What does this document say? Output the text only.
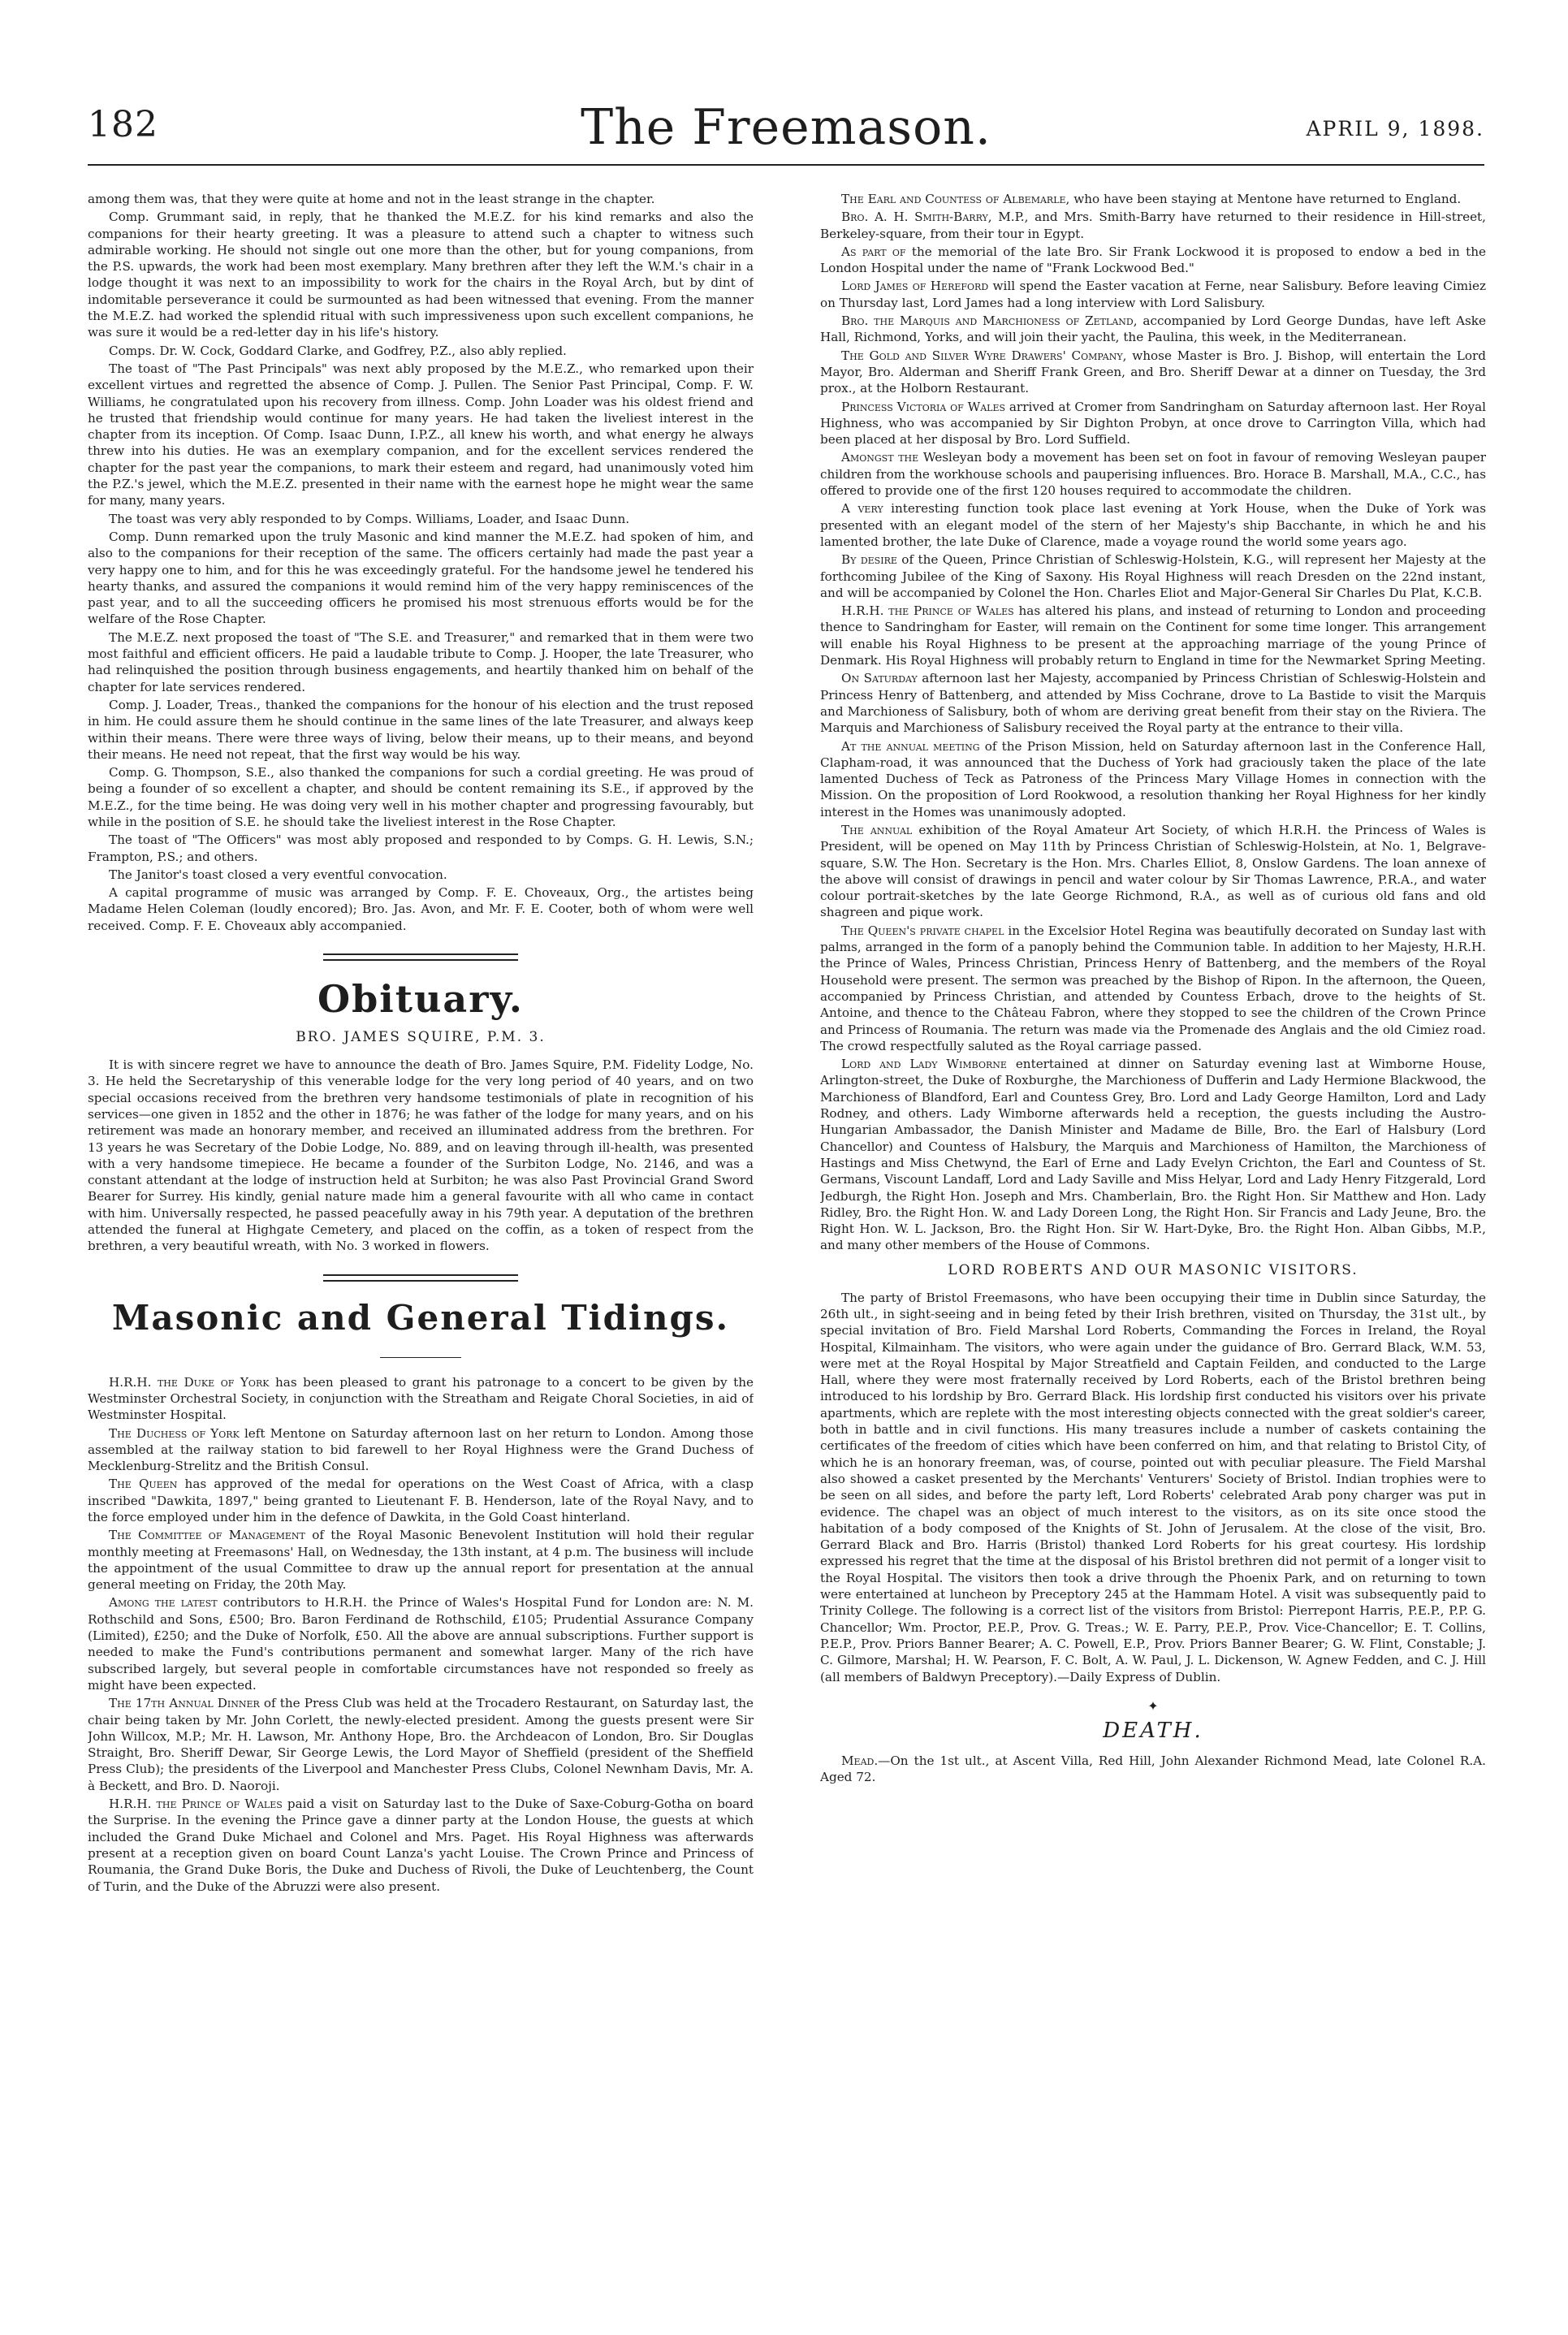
182	The Freemason.	APRIL 9, 1898.

among them was, that they were quite at home and not in the least strange in the chapter.

Comp. Grummant said, in reply, that he thanked the M.E.Z. for his kind remarks and also the companions for their hearty greeting. It was a pleasure to attend such a chapter to witness such admirable working. He should not single out one more than the other, but for young companions, from the P.S. upwards, the work had been most exemplary. Many brethren after they left the W.M.'s chair in a lodge thought it was next to an impossibility to work for the chairs in the Royal Arch, but by dint of indomitable perseverance it could be surmounted as had been witnessed that evening. From the manner the M.E.Z. had worked the splendid ritual with such impressiveness upon such excellent companions, he was sure it would be a red-letter day in his life's history.

Comps. Dr. W. Cock, Goddard Clarke, and Godfrey, P.Z., also ably replied.

The toast of "The Past Principals" was next ably proposed by the M.E.Z., who remarked upon their excellent virtues and regretted the absence of Comp. J. Pullen. The Senior Past Principal, Comp. F. W. Williams, he congratulated upon his recovery from illness. Comp. John Loader was his oldest friend and he trusted that friendship would continue for many years. He had taken the liveliest interest in the chapter from its inception. Of Comp. Isaac Dunn, I.P.Z., all knew his worth, and what energy he always threw into his duties. He was an exemplary companion, and for the excellent services rendered the chapter for the past year the companions, to mark their esteem and regard, had unanimously voted him the P.Z.'s jewel, which the M.E.Z. presented in their name with the earnest hope he might wear the same for many, many years.

The toast was very ably responded to by Comps. Williams, Loader, and Isaac Dunn.

Comp. Dunn remarked upon the truly Masonic and kind manner the M.E.Z. had spoken of him, and also to the companions for their reception of the same. The officers certainly had made the past year a very happy one to him, and for this he was exceedingly grateful. For the handsome jewel he tendered his hearty thanks, and assured the companions it would remind him of the very happy reminiscences of the past year, and to all the succeeding officers he promised his most strenuous efforts would be for the welfare of the Rose Chapter.

The M.E.Z. next proposed the toast of "The S.E. and Treasurer," and remarked that in them were two most faithful and efficient officers. He paid a laudable tribute to Comp. J. Hooper, the late Treasurer, who had relinquished the position through business engagements, and heartily thanked him on behalf of the chapter for late services rendered.

Comp. J. Loader, Treas., thanked the companions for the honour of his election and the trust reposed in him. He could assure them he should continue in the same lines of the late Treasurer, and always keep within their means. There were three ways of living, below their means, up to their means, and beyond their means. He need not repeat, that the first way would be his way.

Comp. G. Thompson, S.E., also thanked the companions for such a cordial greeting. He was proud of being a founder of so excellent a chapter, and should be content remaining its S.E., if approved by the M.E.Z., for the time being. He was doing very well in his mother chapter and progressing favourably, but while in the position of S.E. he should take the liveliest interest in the Rose Chapter.

The toast of "The Officers" was most ably proposed and responded to by Comps. G. H. Lewis, S.N.; Frampton, P.S.; and others.

The Janitor's toast closed a very eventful convocation.

A capital programme of music was arranged by Comp. F. E. Choveaux, Org., the artistes being Madame Helen Coleman (loudly encored); Bro. Jas. Avon, and Mr. F. E. Cooter, both of whom were well received. Comp. F. E. Choveaux ably accompanied.

Obituary.
BRO. JAMES SQUIRE, P.M. 3.

It is with sincere regret we have to announce the death of Bro. James Squire, P.M. Fidelity Lodge, No. 3. He held the Secretaryship of this venerable lodge for the very long period of 40 years, and on two special occasions received from the brethren very handsome testimonials of plate in recognition of his services—one given in 1852 and the other in 1876; he was father of the lodge for many years, and on his retirement was made an honorary member, and received an illuminated address from the brethren. For 13 years he was Secretary of the Dobie Lodge, No. 889, and on leaving through ill-health, was presented with a very handsome timepiece. He became a founder of the Surbiton Lodge, No. 2146, and was a constant attendant at the lodge of instruction held at Surbiton; he was also Past Provincial Grand Sword Bearer for Surrey. His kindly, genial nature made him a general favourite with all who came in contact with him. Universally respected, he passed peacefully away in his 79th year. A deputation of the brethren attended the funeral at Highgate Cemetery, and placed on the coffin, as a token of respect from the brethren, a very beautiful wreath, with No. 3 worked in flowers.

Masonic and General Tidings.

H.R.H. the Duke of York has been pleased to grant his patronage to a concert to be given by the Westminster Orchestral Society, in conjunction with the Streatham and Reigate Choral Societies, in aid of Westminster Hospital.

The Duchess of York left Mentone on Saturday afternoon last on her return to London. Among those assembled at the railway station to bid farewell to her Royal Highness were the Grand Duchess of Mecklenburg-Strelitz and the British Consul.

The Queen has approved of the medal for operations on the West Coast of Africa, with a clasp inscribed "Dawkita, 1897," being granted to Lieutenant F. B. Henderson, late of the Royal Navy, and to the force employed under him in the defence of Dawkita, in the Gold Coast hinterland.

The Committee of Management of the Royal Masonic Benevolent Institution will hold their regular monthly meeting at Freemasons' Hall, on Wednesday, the 13th instant, at 4 p.m. The business will include the appointment of the usual Committee to draw up the annual report for presentation at the annual general meeting on Friday, the 20th May.

Among the latest contributors to H.R.H. the Prince of Wales's Hospital Fund for London are: N. M. Rothschild and Sons, £500; Bro. Baron Ferdinand de Rothschild, £105; Prudential Assurance Company (Limited), £250; and the Duke of Norfolk, £50. All the above are annual subscriptions. Further support is needed to make the Fund's contributions permanent and somewhat larger. Many of the rich have subscribed largely, but several people in comfortable circumstances have not responded so freely as might have been expected.

The 17th Annual Dinner of the Press Club was held at the Trocadero Restaurant, on Saturday last, the chair being taken by Mr. John Corlett, the newly-elected president. Among the guests present were Sir John Willcox, M.P.; Mr. H. Lawson, Mr. Anthony Hope, Bro. the Archdeacon of London, Bro. Sir Douglas Straight, Bro. Sheriff Dewar, Sir George Lewis, the Lord Mayor of Sheffield (president of the Sheffield Press Club); the presidents of the Liverpool and Manchester Press Clubs, Colonel Newnham Davis, Mr. A. à Beckett, and Bro. D. Naoroji.

H.R.H. the Prince of Wales paid a visit on Saturday last to the Duke of Saxe-Coburg-Gotha on board the Surprise. In the evening the Prince gave a dinner party at the London House, the guests at which included the Grand Duke Michael and Colonel and Mrs. Paget. His Royal Highness was afterwards present at a reception given on board Count Lanza's yacht Louise. The Crown Prince and Princess of Roumania, the Grand Duke Boris, the Duke and Duchess of Rivoli, the Duke of Leuchtenberg, the Count of Turin, and the Duke of the Abruzzi were also present.

The Earl and Countess of Albemarle, who have been staying at Mentone have returned to England.

Bro. A. H. Smith-Barry, M.P., and Mrs. Smith-Barry have returned to their residence in Hill-street, Berkeley-square, from their tour in Egypt.

As part of the memorial of the late Bro. Sir Frank Lockwood it is proposed to endow a bed in the London Hospital under the name of "Frank Lockwood Bed."

Lord James of Hereford will spend the Easter vacation at Ferne, near Salisbury. Before leaving Cimiez on Thursday last, Lord James had a long interview with Lord Salisbury.

Bro. the Marquis and Marchioness of Zetland, accompanied by Lord George Dundas, have left Aske Hall, Richmond, Yorks, and will join their yacht, the Paulina, this week, in the Mediterranean.

The Gold and Silver Wyre Drawers' Company, whose Master is Bro. J. Bishop, will entertain the Lord Mayor, Bro. Alderman and Sheriff Frank Green, and Bro. Sheriff Dewar at a dinner on Tuesday, the 3rd prox., at the Holborn Restaurant.

Princess Victoria of Wales arrived at Cromer from Sandringham on Saturday afternoon last. Her Royal Highness, who was accompanied by Sir Dighton Probyn, at once drove to Carrington Villa, which had been placed at her disposal by Bro. Lord Suffield.

Amongst the Wesleyan body a movement has been set on foot in favour of removing Wesleyan pauper children from the workhouse schools and pauperising influences. Bro. Horace B. Marshall, M.A., C.C., has offered to provide one of the first 120 houses required to accommodate the children.

A very interesting function took place last evening at York House, when the Duke of York was presented with an elegant model of the stern of her Majesty's ship Bacchante, in which he and his lamented brother, the late Duke of Clarence, made a voyage round the world some years ago.

By desire of the Queen, Prince Christian of Schleswig-Holstein, K.G., will represent her Majesty at the forthcoming Jubilee of the King of Saxony. His Royal Highness will reach Dresden on the 22nd instant, and will be accompanied by Colonel the Hon. Charles Eliot and Major-General Sir Charles Du Plat, K.C.B.

H.R.H. the Prince of Wales has altered his plans, and instead of returning to London and proceeding thence to Sandringham for Easter, will remain on the Continent for some time longer. This arrangement will enable his Royal Highness to be present at the approaching marriage of the young Prince of Denmark. His Royal Highness will probably return to England in time for the Newmarket Spring Meeting.

On Saturday afternoon last her Majesty, accompanied by Princess Christian of Schleswig-Holstein and Princess Henry of Battenberg, and attended by Miss Cochrane, drove to La Bastide to visit the Marquis and Marchioness of Salisbury, both of whom are deriving great benefit from their stay on the Riviera. The Marquis and Marchioness of Salisbury received the Royal party at the entrance to their villa.

At the annual meeting of the Prison Mission, held on Saturday afternoon last in the Conference Hall, Clapham-road, it was announced that the Duchess of York had graciously taken the place of the late lamented Duchess of Teck as Patroness of the Princess Mary Village Homes in connection with the Mission. On the proposition of Lord Rookwood, a resolution thanking her Royal Highness for her kindly interest in the Homes was unanimously adopted.

The annual exhibition of the Royal Amateur Art Society, of which H.R.H. the Princess of Wales is President, will be opened on May 11th by Princess Christian of Schleswig-Holstein, at No. 1, Belgrave-square, S.W. The Hon. Secretary is the Hon. Mrs. Charles Elliot, 8, Onslow Gardens. The loan annexe of the above will consist of drawings in pencil and water colour by Sir Thomas Lawrence, P.R.A., and water colour portrait-sketches by the late George Richmond, R.A., as well as of curious old fans and old shagreen and pique work.

The Queen's private chapel in the Excelsior Hotel Regina was beautifully decorated on Sunday last with palms, arranged in the form of a panoply behind the Communion table. In addition to her Majesty, H.R.H. the Prince of Wales, Princess Christian, Princess Henry of Battenberg, and the members of the Royal Household were present. The sermon was preached by the Bishop of Ripon. In the afternoon, the Queen, accompanied by Princess Christian, and attended by Countess Erbach, drove to the heights of St. Antoine, and thence to the Château Fabron, where they stopped to see the children of the Crown Prince and Princess of Roumania. The return was made via the Promenade des Anglais and the old Cimiez road. The crowd respectfully saluted as the Royal carriage passed.

Lord and Lady Wimborne entertained at dinner on Saturday evening last at Wimborne House, Arlington-street, the Duke of Roxburghe, the Marchioness of Dufferin and Lady Hermione Blackwood, the Marchioness of Blandford, Earl and Countess Grey, Bro. Lord and Lady George Hamilton, Lord and Lady Rodney, and others. Lady Wimborne afterwards held a reception, the guests including the Austro-Hungarian Ambassador, the Danish Minister and Madame de Bille, Bro. the Earl of Halsbury (Lord Chancellor) and Countess of Halsbury, the Marquis and Marchioness of Hamilton, the Marchioness of Hastings and Miss Chetwynd, the Earl of Erne and Lady Evelyn Crichton, the Earl and Countess of St. Germans, Viscount Landaff, Lord and Lady Saville and Miss Helyar, Lord and Lady Henry Fitzgerald, Lord Jedburgh, the Right Hon. Joseph and Mrs. Chamberlain, Bro. the Right Hon. Sir Matthew and Hon. Lady Ridley, Bro. the Right Hon. W. and Lady Doreen Long, the Right Hon. Sir Francis and Lady Jeune, Bro. the Right Hon. W. L. Jackson, Bro. the Right Hon. Sir W. Hart-Dyke, Bro. the Right Hon. Alban Gibbs, M.P., and many other members of the House of Commons.

LORD ROBERTS AND OUR MASONIC VISITORS.

The party of Bristol Freemasons, who have been occupying their time in Dublin since Saturday, the 26th ult., in sight-seeing and in being feted by their Irish brethren, visited on Thursday, the 31st ult., by special invitation of Bro. Field Marshal Lord Roberts, Commanding the Forces in Ireland, the Royal Hospital, Kilmainham. The visitors, who were again under the guidance of Bro. Gerrard Black, W.M. 53, were met at the Royal Hospital by Major Streatfield and Captain Feilden, and conducted to the Large Hall, where they were most fraternally received by Lord Roberts, each of the Bristol brethren being introduced to his lordship by Bro. Gerrard Black. His lordship first conducted his visitors over his private apartments, which are replete with the most interesting objects connected with the great soldier's career, both in battle and in civil functions. His many treasures include a number of caskets containing the certificates of the freedom of cities which have been conferred on him, and that relating to Bristol City, of which he is an honorary freeman, was, of course, pointed out with peculiar pleasure. The Field Marshal also showed a casket presented by the Merchants' Venturers' Society of Bristol. Indian trophies were to be seen on all sides, and before the party left, Lord Roberts' celebrated Arab pony charger was put in evidence. The chapel was an object of much interest to the visitors, as on its site once stood the habitation of a body composed of the Knights of St. John of Jerusalem. At the close of the visit, Bro. Gerrard Black and Bro. Harris (Bristol) thanked Lord Roberts for his great courtesy. His lordship expressed his regret that the time at the disposal of his Bristol brethren did not permit of a longer visit to the Royal Hospital. The visitors then took a drive through the Phoenix Park, and on returning to town were entertained at luncheon by Preceptory 245 at the Hammam Hotel. A visit was subsequently paid to Trinity College. The following is a correct list of the visitors from Bristol: Pierrepont Harris, P.E.P., P.P. G. Chancellor; Wm. Proctor, P.E.P., Prov. G. Treas.; W. E. Parry, P.E.P., Prov. Vice-Chancellor; E. T. Collins, P.E.P., Prov. Priors Banner Bearer; A. C. Powell, E.P., Prov. Priors Banner Bearer; G. W. Flint, Constable; J. C. Gilmore, Marshal; H. W. Pearson, F. C. Bolt, A. W. Paul, J. L. Dickenson, W. Agnew Fedden, and C. J. Hill (all members of Baldwyn Preceptory).—Daily Express of Dublin.

✦
DEATH.

Mead.—On the 1st ult., at Ascent Villa, Red Hill, John Alexander Richmond Mead, late Colonel R.A. Aged 72.
